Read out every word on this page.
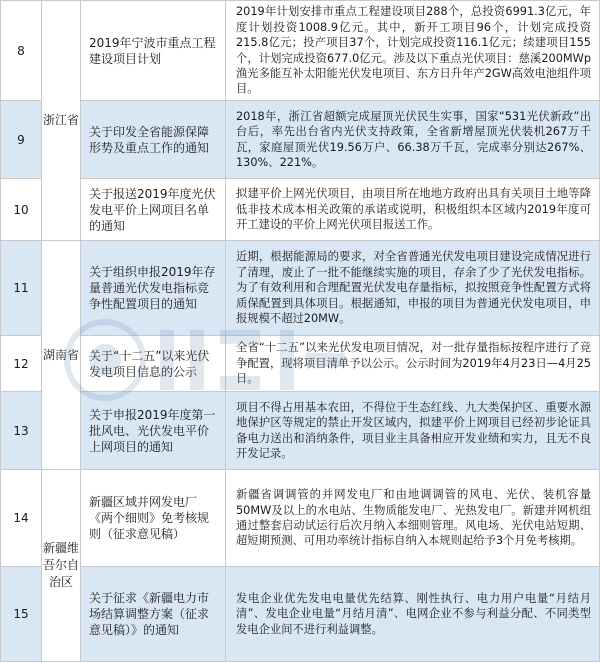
8	浙江省	2019年宁波市重点工程建设项目计划	2019年计划安排市重点工程建设项目288个，总投资6991.3亿元，年度计划投资1008.9亿元。其中，新开工项目96个，计划完成投资215.8亿元；投产项目37个，计划完成投资116.1亿元；续建项目155个，计划完成投资677.0亿元。涉及以下重点光伏项目：慈溪200MWp渔光多能互补太阳能光伏发电项目、东方日升年产2GW高效电池组件项目。
9		关于印发全省能源保障形势及重点工作的通知	2018年，浙江省超额完成屋顶光伏民生实事，国家“531光伏新政”出台后，率先出台省内光伏支持政策，全省新增屋顶光伏装机267万千瓦，家庭屋顶光伏19.56万户、66.38万千瓦，完成率分别达267%、130%、221%。
10		关于报送2019年度光伏发电平价上网项目名单的通知	拟建平价上网光伏项目，由项目所在地地方政府出具有关项目土地等降低非技术成本相关政策的承诺或说明，积极组织本区域内2019年度可开工建设的平价上网光伏项目报送工作。
11	湖南省	关于组织申报2019年存量普通光伏发电指标竞争性配置项目的通知	近期，根据能源局的要求，对全省普通光伏发电项目建设完成情况进行了清理，废止了一批不能继续实施的项目，存余了少了光伏发电指标。为了有效利用和合理配置光伏发电存量指标，拟按照竞争性配置方式将质保配置到具体项目。根据通知，申报的项目为普通光伏发电项目，申报规模不超过20MW。
12		关于“十二五”以来光伏发电项目信息的公示	全省“十二五”以来光伏发电项目情况，对一批存量指标按程序进行了竞争配置，现将项目清单予以公示。公示时间为2019年4月23日—4月25日。
13		关于申报2019年度第一批风电、光伏发电平价上网项目的通知	项目不得占用基本农田，不得位于生态红线、九大类保护区、重要水源地保护区等规定的禁止开发区域内，拟建平价上网项目已经初步论证具备电力送出和消纳条件，项目业主具备相应开发业绩和实力，且无不良开发记录。
14	新疆维吾尔自治区	新疆区域并网发电厂《两个细则》免考核规则（征求意见稿）	新疆省调调管的并网发电厂和由地调调管的风电、光伏、装机容量50MW及以上的水电站、生物质能发电厂、光热发电厂。新建并网机组通过整套启动试运行后次月纳入本细则管理。风电场、光伏电站短期、超短期预测、可用功率统计指标自纳入本规则起给予3个月免考核期。
15		关于征求《新疆电力市场结算调整方案（征求意见稿）》的通知	发电企业优先发电电量优先结算、刚性执行、电力用户电量“月结月清”、发电企业电量“月结月清”、电网企业不参与利益分配、不同类型发电企业间不进行利益调整。
